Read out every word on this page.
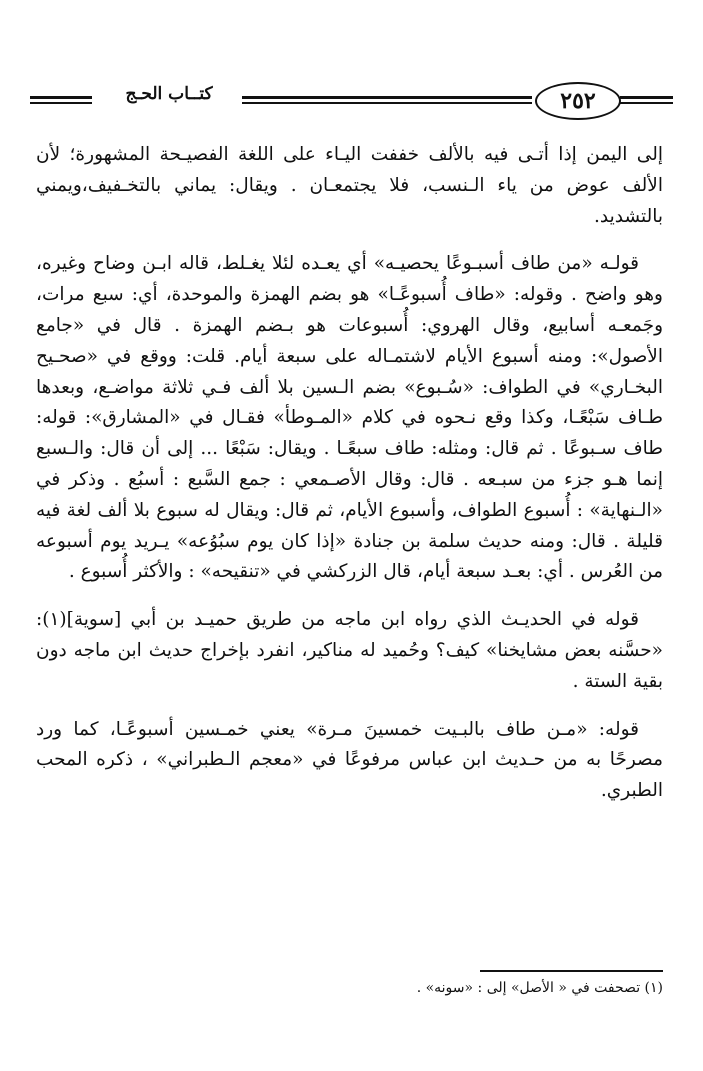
كتــاب الحـج	٢٥٢

إلى اليمن إذا أتـى فيه بالألف خففت اليـاء على اللغة الفصيـحة المشهورة؛ لأن الألف عوض من ياء الـنسب، فلا يجتمعـان . ويقال: يماني بالتخـفيف،ويمني بالتشديد.

قولـه «من طاف أسبـوعًا يحصيـه» أي يعـده لئلا يغـلط، قاله ابـن وضاح وغيره، وهو واضح . وقوله: «طاف أُسبوعًـا» هو بضم الهمزة والموحدة، أي: سبع مرات، وجَمعـه أسابيع، وقال الهروي: أُسبوعات هو بـضم الهمزة . قال في «جامع الأصول»: ومنه أسبوع الأيام لاشتمـاله على سبعة أيام. قلت: ووقع في «صحـيح البخـاري» في الطواف: «سُـبوع» بضم الـسين بلا ألف فـي ثلاثة مواضـع، وبعدها طـاف سَبْعًـا، وكذا وقع نـحوه في كلام «المـوطأ» فقـال في «المشارق»: قوله: طاف سـبوعًا . ثم قال: ومثله: طاف سبعًـا . ويقال: سَبْعًا ... إلى أن قال: والـسبع إنما هـو جزء من سبـعه . قال: وقال الأصـمعي : جمع السَّبع : أسبُع . وذكر في «الـنهاية» : أُسبوع الطواف، وأسبوع الأيام، ثم قال: ويقال له سبوع بلا ألف لغة فيه قليلة . قال: ومنه حديث سلمة بن جنادة «إذا كان يوم سبُوُعه» يـريد يوم أسبوعه من العُرس . أي: بعـد سبعة أيام، قال الزركشي في «تنقيحه» : والأكثر أُسبوع .

قوله في الحديـث الذي رواه ابن ماجه من طريق حميـد بن أبي [سوية](١): «حسَّنه بعض مشايخنا» كيف؟ وحُميد له مناكير، انفرد بإخراج حديث ابن ماجه دون بقية الستة .

قوله: «مـن طاف بالبـيت خمسينَ مـرة» يعني خمـسين أسبوعًـا، كما ورد مصرحًا به من حـديث ابن عباس مرفوعًا في «معجم الـطبراني» ، ذكره المحب الطبري.

(١) تصحفت في « الأصل» إلى : «سونه» .
